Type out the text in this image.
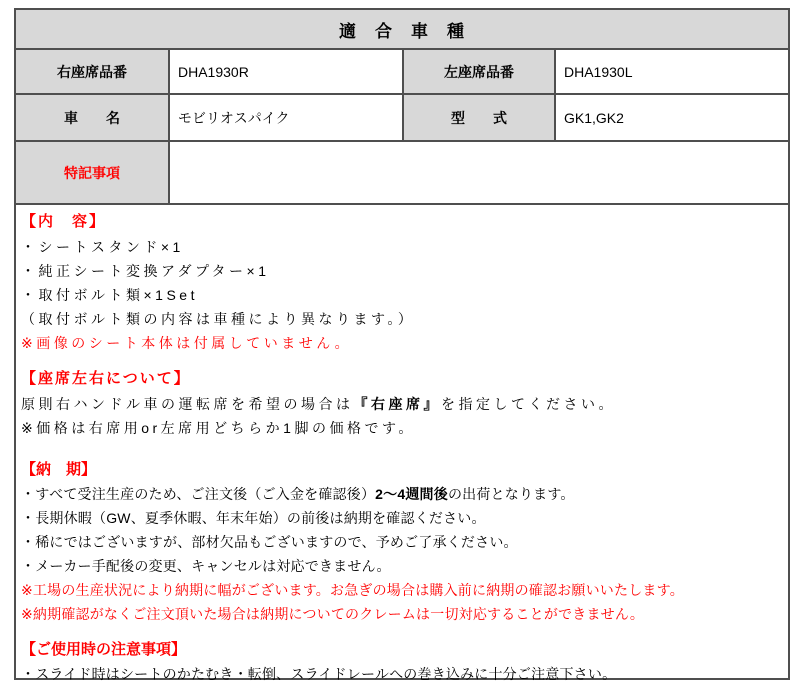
適　合　車　種
右座席品番	DHA1930R	左座席品番	DHA1930L
車　　名	モビリオスパイク	型　　式	GK1,GK2
特記事項
【内　容】
・シートスタンド×1
・純正シート変換アダプター×1
・取付ボルト類×1Set
（取付ボルト類の内容は車種により異なります。）
※画像のシート本体は付属していません。
【座席左右について】
原則右ハンドル車の運転席を希望の場合は『右座席』を指定してください。
※価格は右席用or左席用どちらか1脚の価格です。
【納　期】
・すべて受注生産のため、ご注文後（ご入金を確認後）2～4週間後の出荷となります。
・長期休暇（GW、夏季休暇、年末年始）の前後は納期を確認ください。
・稀にではございますが、部材欠品もございますので、予めご了承ください。
・メーカー手配後の変更、キャンセルは対応できません。
※工場の生産状況により納期に幅がございます。お急ぎの場合は購入前に納期の確認お願いいたします。
※納期確認がなくご注文頂いた場合は納期についてのクレームは一切対応することができません。
【ご使用時の注意事項】
・スライド時はシートのかたむき・転倒、スライドレールへの巻き込みに十分ご注意下さい。
